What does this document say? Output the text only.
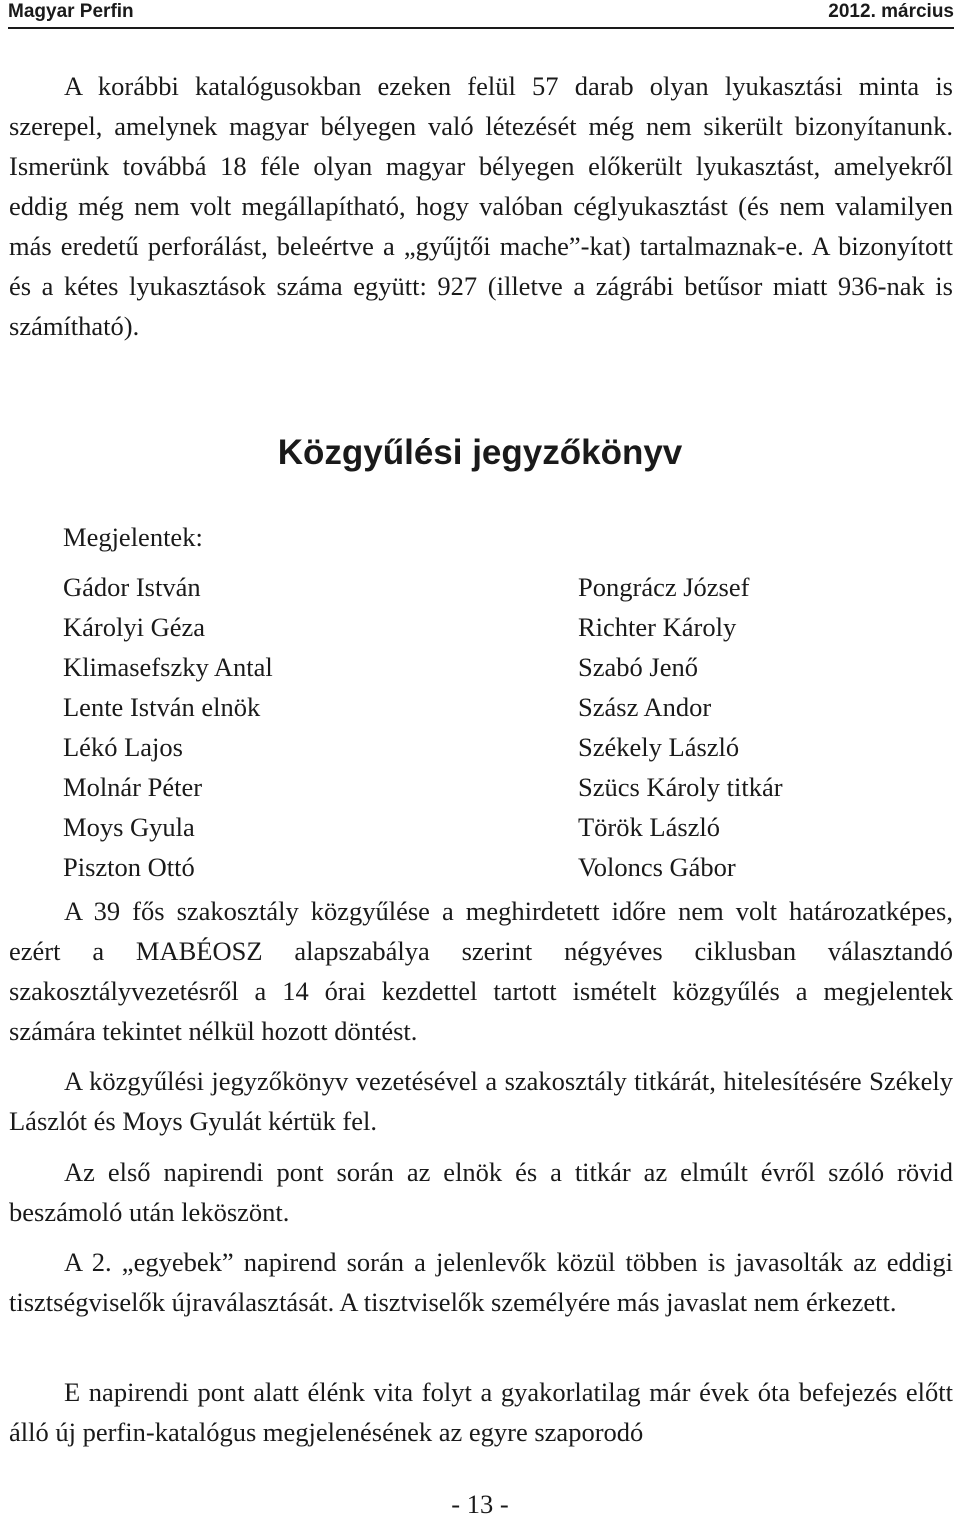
Magyar Perfin	2012. március

A korábbi katalógusokban ezeken felül 57 darab olyan lyukasztási minta is szerepel, amelynek magyar bélyegen való létezését még nem sikerült bizonyítanunk. Ismerünk továbbá 18 féle olyan magyar bélyegen előkerült lyukasztást, amelyekről eddig még nem volt megállapítható, hogy valóban céglyukasztást (és nem valamilyen más eredetű perforálást, beleértve a „gyűjtői mache”-kat) tartalmaznak-e. A bizonyított és a kétes lyukasztások száma együtt: 927 (illetve a zágrábi betűsor miatt 936-nak is számítható).

Közgyűlési jegyzőkönyv
Megjelentek:
Gádor István
Károlyi Géza
Klimasefszky Antal
Lente István elnök
Lékó Lajos
Molnár Péter
Moys Gyula
Piszton Ottó
Pongrácz József
Richter Károly
Szabó Jenő
Szász Andor
Székely László
Szücs Károly titkár
Török László
Voloncs Gábor

A 39 fős szakosztály közgyűlése a meghirdetett időre nem volt határozatképes, ezért a MABÉOSZ alapszabálya szerint négyéves ciklusban választandó szakosztályvezetésről a 14 órai kezdettel tartott ismételt közgyűlés a megjelentek számára tekintet nélkül hozott döntést.

A közgyűlési jegyzőkönyv vezetésével a szakosztály titkárát, hitelesítésére Székely Lászlót és Moys Gyulát kértük fel.

Az első napirendi pont során az elnök és a titkár az elmúlt évről szóló rövid beszámoló után leköszönt.

A 2. „egyebek” napirend során a jelenlevők közül többen is javasolták az eddigi tisztségviselők újraválasztását. A tisztviselők személyére más javaslat nem érkezett.

E napirendi pont alatt élénk vita folyt a gyakorlatilag már évek óta befejezés előtt álló új perfin-katalógus megjelenésének az egyre szaporodó

- 13 -
